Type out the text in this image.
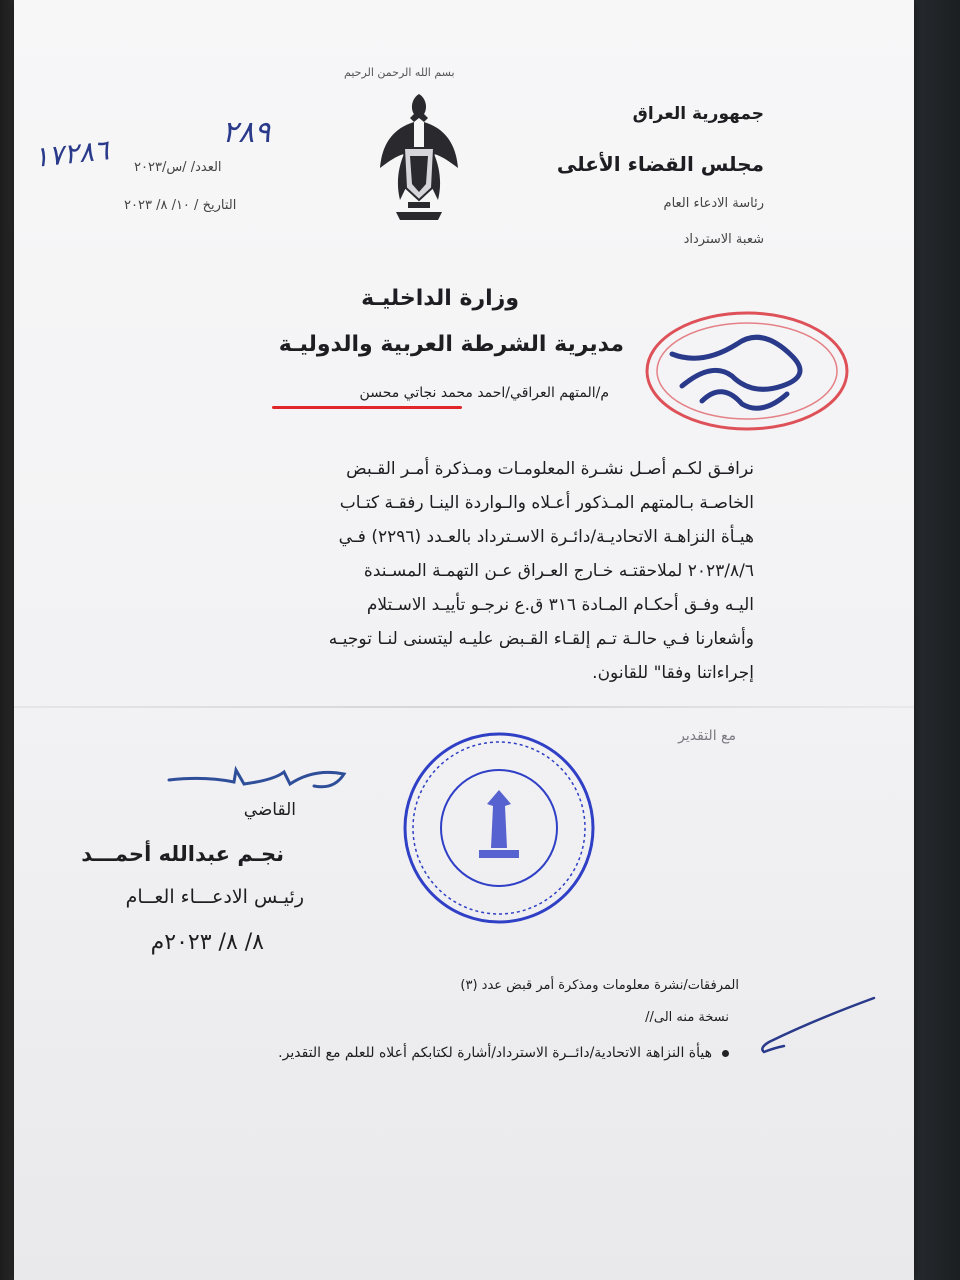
بسم الله الرحمن الرحيم
جمهورية العراق
مجلس القضاء الأعلى
رئاسة الادعاء العام
شعبة الاسترداد
العدد/ /س/٢٠٢٣
التاريخ / ١٠/ ٨/ ٢٠٢٣
٢٨٩
١٧٢٨٦
وزارة الداخليـة
مديرية الشرطة العربية والدوليـة
م/المتهم العراقي/احمد محمد نجاتي محسن

نرافـق لكـم أصـل نشـرة المعلومـات ومـذكرة أمـر القـبض

الخاصـة بـالمتهم المـذكور أعـلاه والـواردة الينـا رفقـة كتـاب

هيـأة النزاهـة الاتحاديـة/دائـرة الاسـترداد بالعـدد (٢٢٩٦) فـي

٢٠٢٣/٨/٦ لملاحقتـه خـارج العـراق عـن التهمـة المسـندة

اليـه وفـق أحكـام المـادة ٣١٦ ق.ع نرجـو تأييـد الاسـتلام

وأشعارنا فـي حالـة تـم إلقـاء القـبض عليـه ليتسنى لنـا توجيـه

إجراءاتنا وفقا" للقانون.

مع التقدير
القاضي
نجـم عبدالله أحمـــد
رئيـس الادعـــاء العــام
٨/ ٨/ ٢٠٢٣م
المرفقات/نشرة معلومات ومذكرة أمر قبض عدد (٣)
نسخة منه الى//
هيأة النزاهة الاتحادية/دائــرة الاسترداد/أشارة لكتابكم أعلاه للعلم مع التقدير.
